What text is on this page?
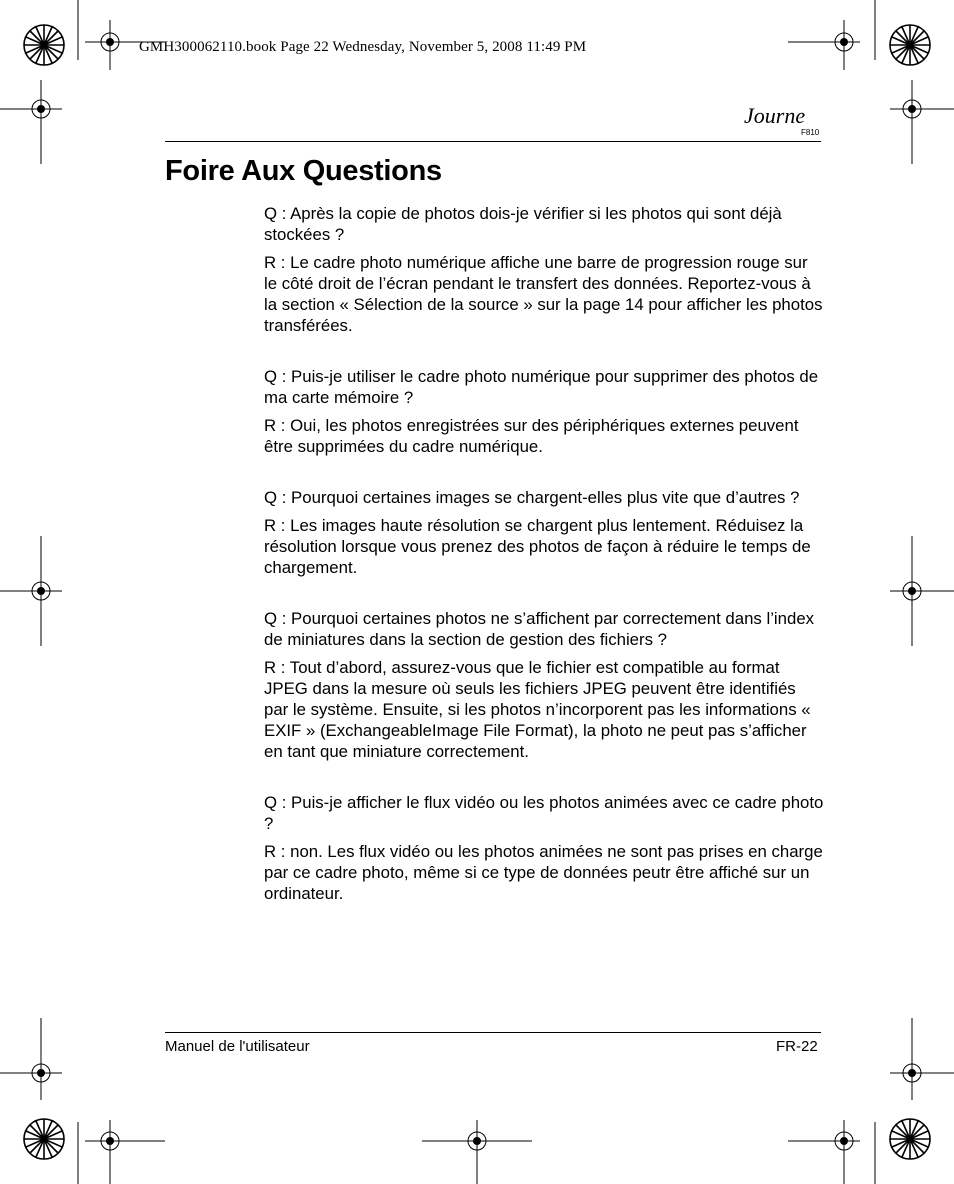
GMH300062110.book Page 22 Wednesday, November 5, 2008 11:49 PM
Journe
F810
Foire Aux Questions

Q : Après la copie de photos dois-je vérifier si les photos qui sont déjà stockées ?

R : Le cadre photo numérique affiche une barre de progression rouge sur le côté droit de l’écran pendant le transfert des données. Reportez-vous à la section « Sélection de la source » sur la page 14 pour afficher les photos transférées.

Q : Puis-je utiliser le cadre photo numérique pour supprimer des photos de ma carte mémoire ?

R : Oui, les photos enregistrées sur des périphériques externes peuvent être supprimées du cadre numérique.

Q : Pourquoi certaines images se chargent-elles plus vite que d’autres ?

R : Les images haute résolution se chargent plus lentement. Réduisez la résolution lorsque vous prenez des photos de façon à réduire le temps de chargement.

Q : Pourquoi certaines photos ne s’affichent par correctement dans l’index de miniatures dans la section de gestion des fichiers ?

R : Tout d’abord, assurez-vous que le fichier est compatible au format JPEG dans la mesure où seuls les fichiers JPEG peuvent être identifiés par le système. Ensuite, si les photos n’incorporent pas les informations « EXIF » (ExchangeableImage File Format), la photo ne peut pas s’afficher en tant que miniature correctement.

Q : Puis-je afficher le flux vidéo ou les photos animées avec ce cadre photo ?

R : non. Les flux vidéo ou les photos animées ne sont pas prises en charge par ce cadre photo, même si ce type de données peutr être affiché sur un ordinateur.

Manuel de l'utilisateur	FR-22
